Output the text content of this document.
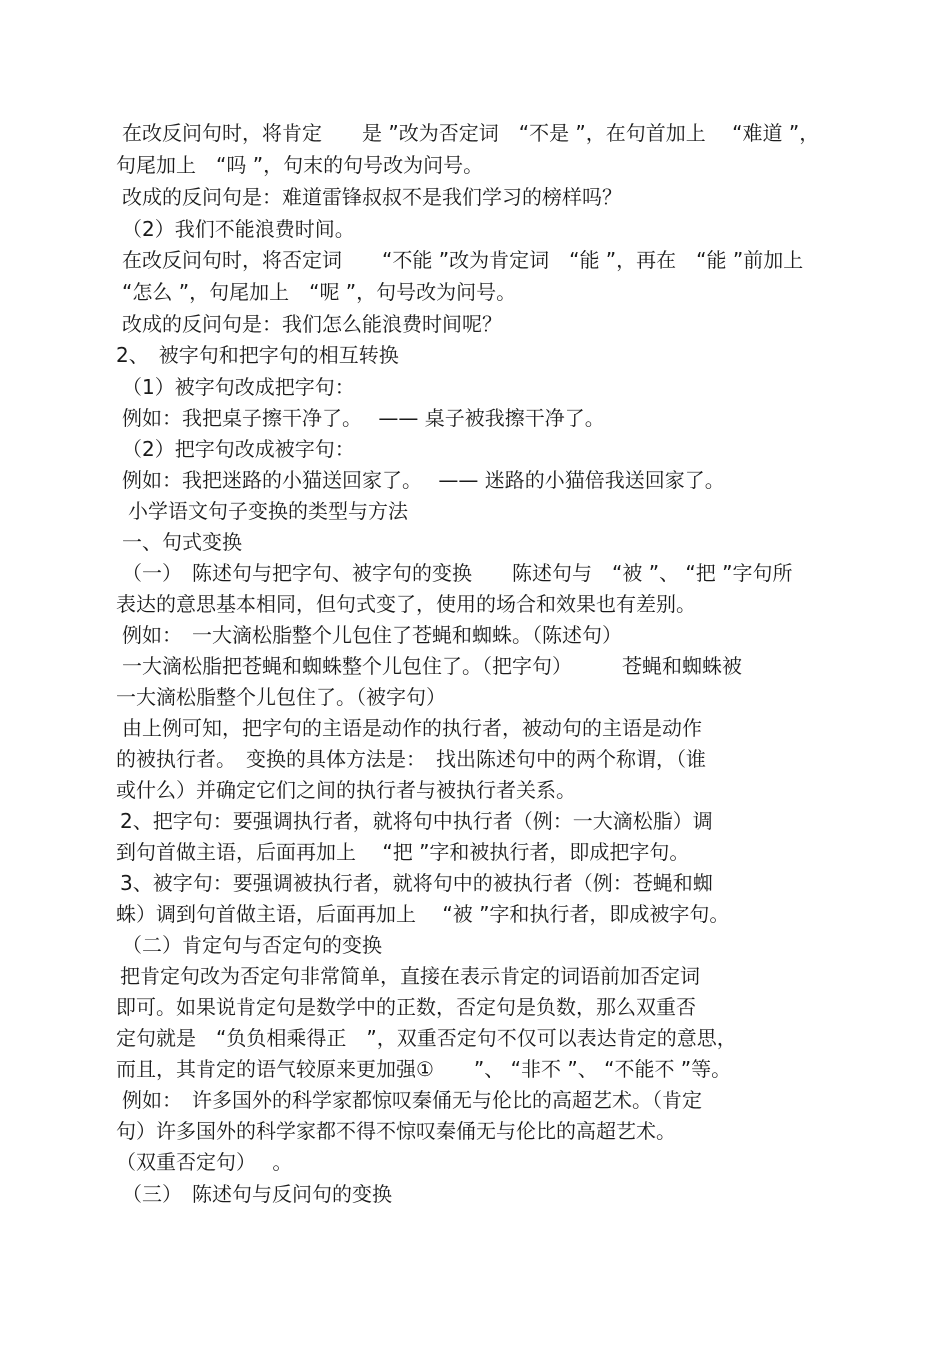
在改反问句时，将肯定　　是 ”改为否定词　“不是 ”，在句首加上　 “难道 ”，
句尾加上　“吗 ”，句末的句号改为问号。
改成的反问句是：难道雷锋叔叔不是我们学习的榜样吗？
（2）我们不能浪费时间。
在改反问句时，将否定词　　“不能 ”改为肯定词　“能 ”，再在　“能 ”前加上
“怎么 ”，句尾加上　“呢 ”，句号改为问号。
改成的反问句是：我们怎么能浪费时间呢？
2、　被字句和把字句的相互转换
（1）被字句改成把字句：
例如：我把桌子擦干净了。　 —— 桌子被我擦干净了。
（2）把字句改成被字句：
例如：我把迷路的小猫送回家了。　 —— 迷路的小猫倍我送回家了。
小学语文句子变换的类型与方法
一、句式变换
（一）　陈述句与把字句、被字句的变换　　陈述句与　“被 ”、 “把 ”字句所
表达的意思基本相同，但句式变了，使用的场合和效果也有差别。
例如：　一大滴松脂整个儿包住了苍蝇和蜘蛛。（陈述句）
一大滴松脂把苍蝇和蜘蛛整个儿包住了。（把字句）　　　苍蝇和蜘蛛被
一大滴松脂整个儿包住了。（被字句）
由上例可知，把字句的主语是动作的执行者，被动句的主语是动作
的被执行者。　变换的具体方法是：　找出陈述句中的两个称谓，（谁
或什么）并确定它们之间的执行者与被执行者关系。
2、把字句：要强调执行者，就将句中执行者（例：一大滴松脂）调
到句首做主语，后面再加上　 “把 ”字和被执行者，即成把字句。
3、被字句：要强调被执行者，就将句中的被执行者（例：苍蝇和蜘
蛛）调到句首做主语，后面再加上　 “被 ”字和执行者，即成被字句。
（二）肯定句与否定句的变换
把肯定句改为否定句非常简单，直接在表示肯定的词语前加否定词
即可。如果说肯定句是数学中的正数，否定句是负数，那么双重否
定句就是　“负负相乘得正　”，双重否定句不仅可以表达肯定的意思，
而且，其肯定的语气较原来更加强①　　”、 “非不 ”、 “不能不 ”等。
例如：　许多国外的科学家都惊叹秦俑无与伦比的高超艺术。（肯定
句）许多国外的科学家都不得不惊叹秦俑无与伦比的高超艺术。
（双重否定句）　 。
（三）　陈述句与反问句的变换
